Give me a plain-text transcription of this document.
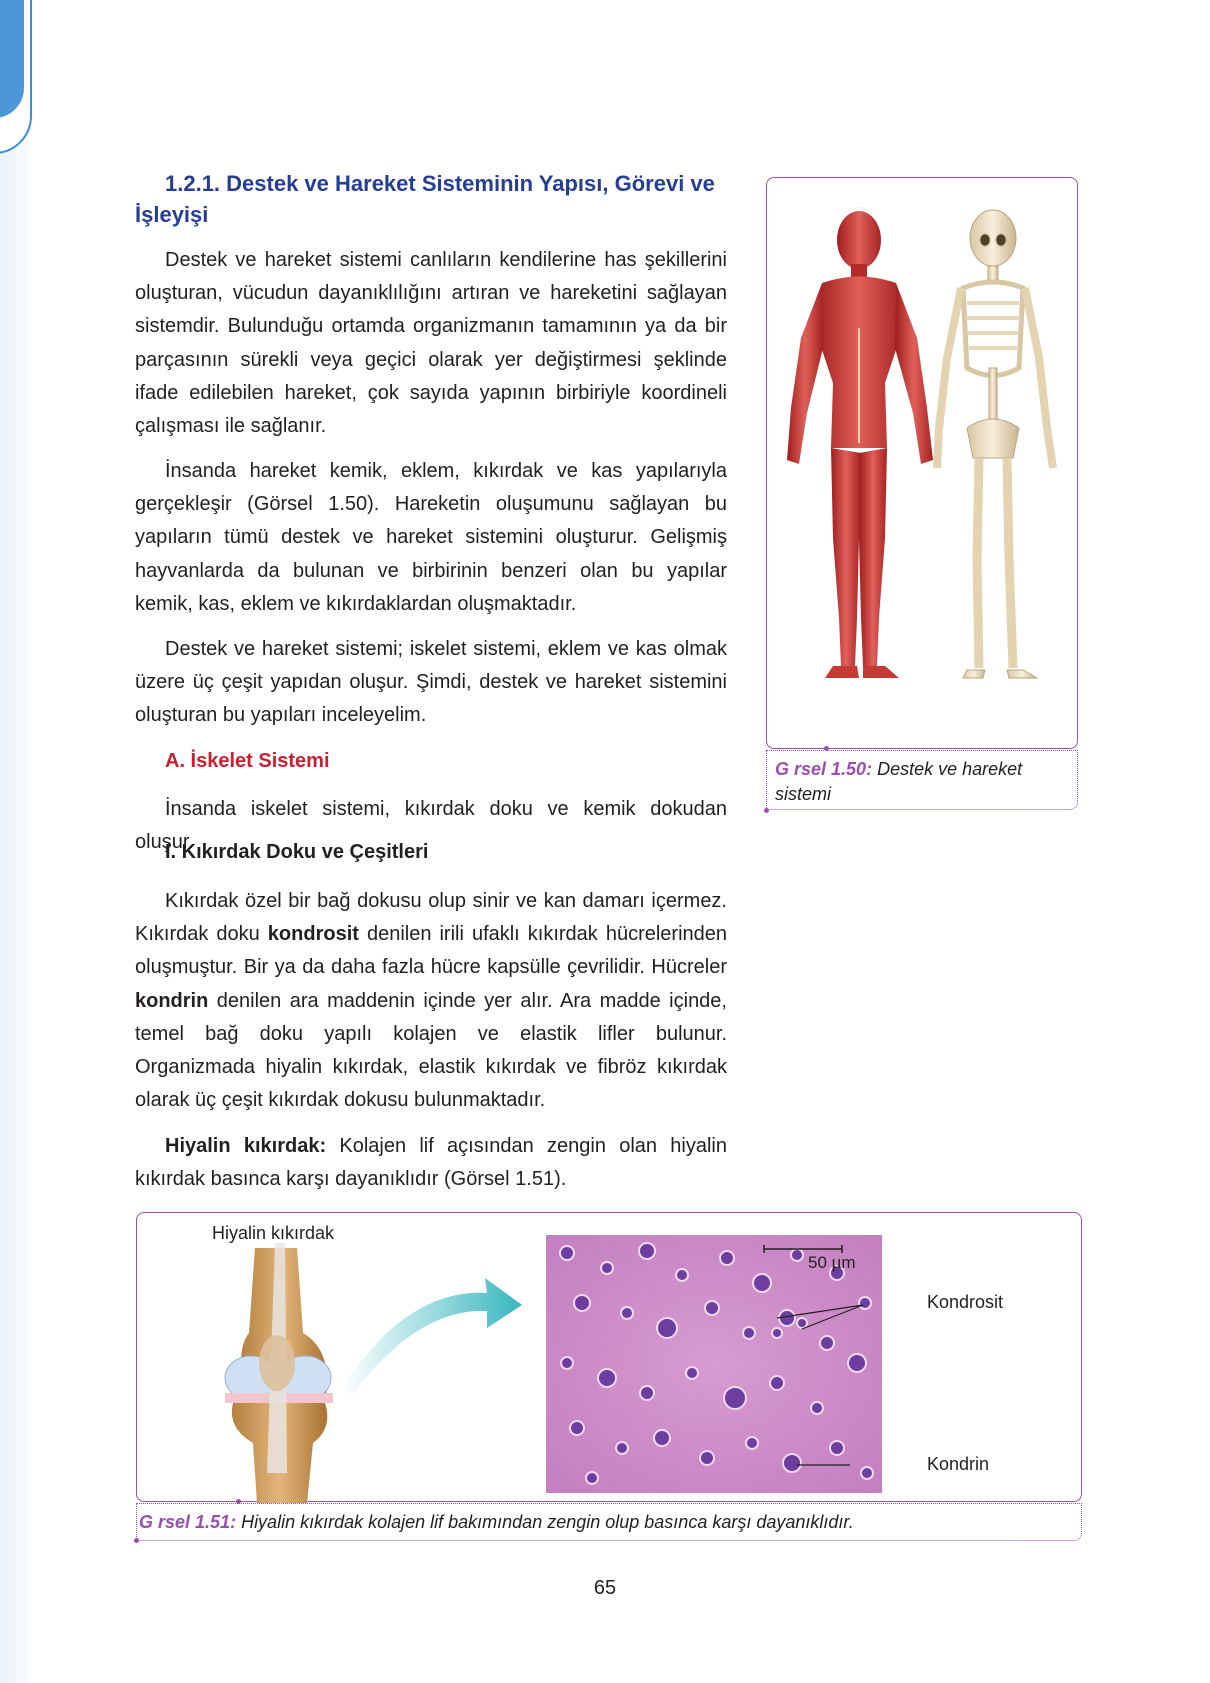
1.2.1. Destek ve Hareket Sisteminin Yapısı, Görevi ve İşleyişi

Destek ve hareket sistemi canlıların kendilerine has şekillerini oluşturan, vücudun dayanıklılığını artıran ve hareketini sağlayan sistemdir. Bulunduğu ortamda organizmanın tamamının ya da bir parçasının sürekli veya geçici olarak yer değiştirmesi şeklinde ifade edilebilen hareket, çok sayıda yapının birbiriyle koordineli çalışması ile sağlanır.

İnsanda hareket kemik, eklem, kıkırdak ve kas yapılarıyla gerçekleşir (Görsel 1.50). Hareketin oluşumunu sağlayan bu yapıların tümü destek ve hareket sistemini oluşturur. Gelişmiş hayvanlarda da bulunan ve birbirinin benzeri olan bu yapılar kemik, kas, eklem ve kıkırdaklardan oluşmaktadır.

Destek ve hareket sistemi; iskelet sistemi, eklem ve kas olmak üzere üç çeşit yapıdan oluşur. Şimdi, destek ve hareket sistemini oluşturan bu yapıları inceleyelim.

A. İskelet Sistemi

İnsanda iskelet sistemi, kıkırdak doku ve kemik dokudan oluşur.

I. Kıkırdak Doku ve Çeşitleri

Kıkırdak özel bir bağ dokusu olup sinir ve kan damarı içermez. Kıkırdak doku kondrosit denilen irili ufaklı kıkırdak hücrelerinden oluşmuştur. Bir ya da daha fazla hücre kapsülle çevrilidir. Hücreler kondrin denilen ara maddenin içinde yer alır. Ara madde içinde, temel bağ doku yapılı kolajen ve elastik lifler bulunur. Organizmada hiyalin kıkırdak, elastik kıkırdak ve fibröz kıkırdak olarak üç çeşit kıkırdak dokusu bulunmaktadır.

Hiyalin kıkırdak: Kolajen lif açısından zengin olan hiyalin kıkırdak basınca karşı dayanıklıdır (Görsel 1.51).

G rsel 1.50: Destek ve hareket sistemi
Hiyalin kıkırdak
50 µm
Kondrosit
Kondrin
G rsel 1.51: Hiyalin kıkırdak kolajen lif bakımından zengin olup basınca karşı dayanıklıdır.
65
